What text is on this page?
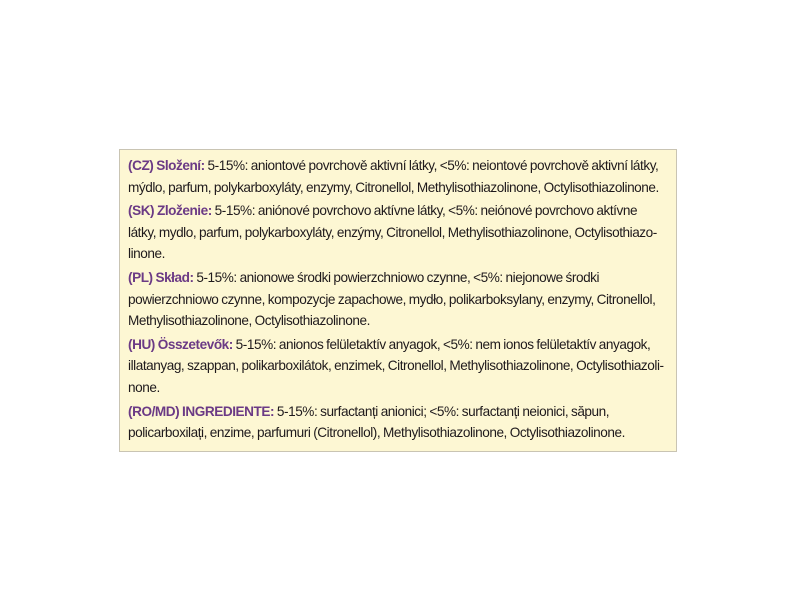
(CZ) Složení: 5-15%: aniontové povrchově aktivní látky, <5%: neiontové povrchově aktivní látky,
mýdlo, parfum, polykarboxyláty, enzymy, Citronellol, Methylisothiazolinone, Octylisothiazolinone.
(SK) Zloženie: 5-15%: aniónové povrchovo aktívne látky, <5%: neiónové povrchovo aktívne
látky, mydlo, parfum, polykarboxyláty, enzýmy, Citronellol, Methylisothiazolinone, Octylisothiazo-
linone.
(PL) Skład: 5-15%: anionowe środki powierzchniowo czynne, <5%: niejonowe środki
powierzchniowo czynne, kompozycje zapachowe, mydło, polikarboksylany, enzymy, Citronellol,
Methylisothiazolinone, Octylisothiazolinone.
(HU) Összetevők: 5-15%: anionos felületaktív anyagok, <5%: nem ionos felületaktív anyagok,
illatanyag, szappan, polikarboxilátok, enzimek, Citronellol, Methylisothiazolinone, Octylisothiazoli-
none.
(RO/MD) INGREDIENTE: 5-15%: surfactanți anionici; <5%: surfactanți neionici, săpun,
policarboxilați, enzime, parfumuri (Citronellol), Methylisothiazolinone, Octylisothiazolinone.
